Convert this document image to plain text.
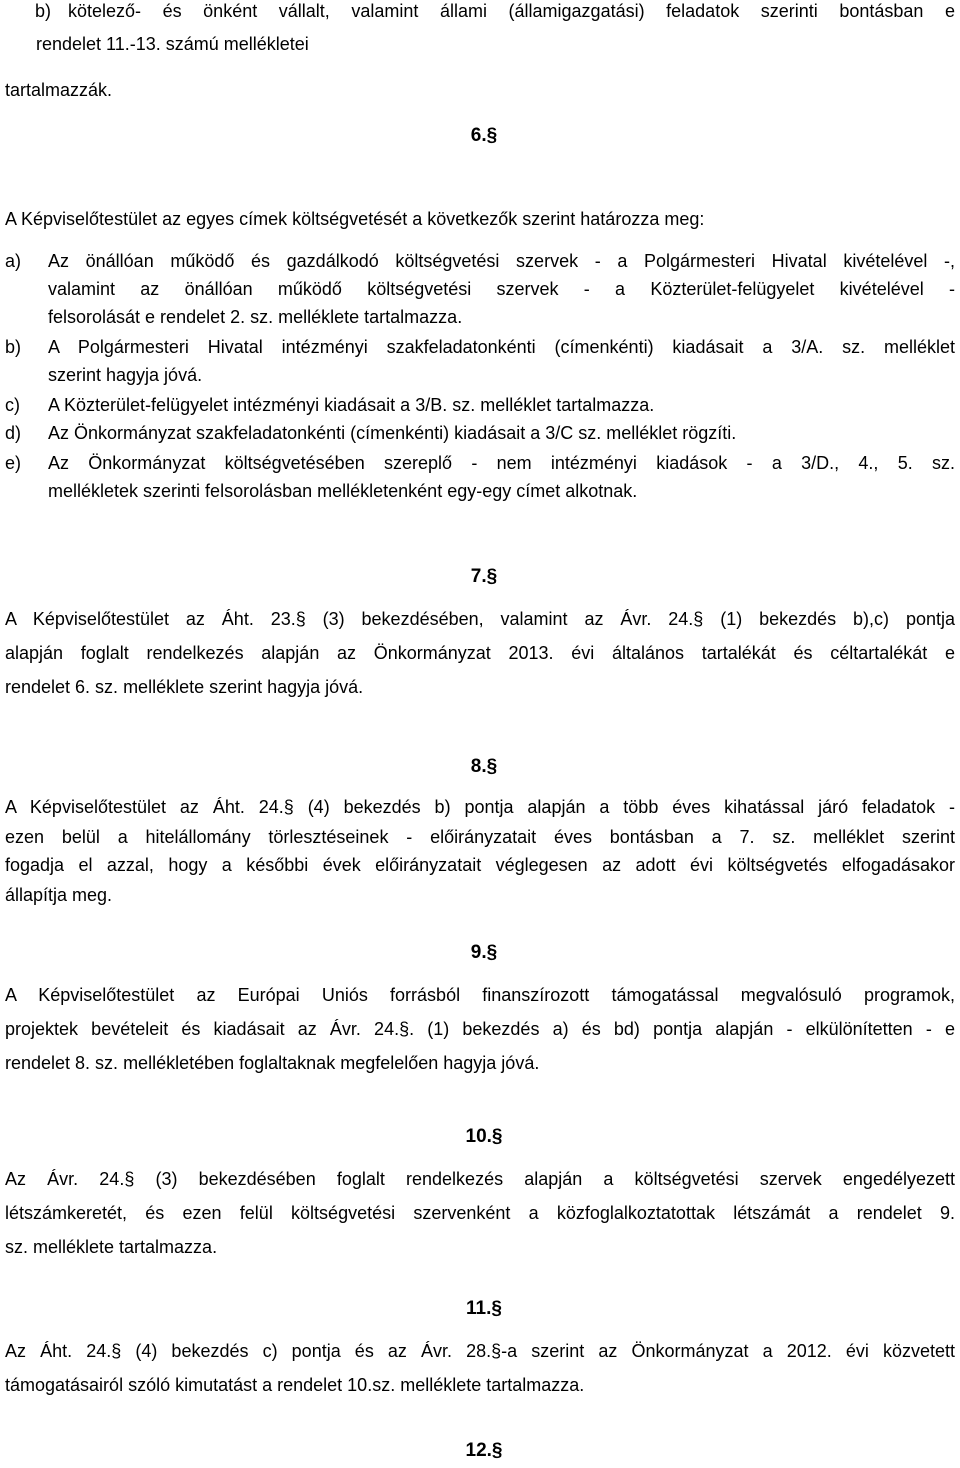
b) kötelező- és önként vállalt, valamint állami (államigazgatási) feladatok szerinti bontásban e

rendelet 11.-13. számú mellékletei

tartalmazzák.

6.§

A Képviselőtestület az egyes címek költségvetését a következők szerint határozza meg:

a) Az önállóan működő és gazdálkodó költségvetési szervek - a Polgármesteri Hivatal kivételével -,

valamint az önállóan működő költségvetési szervek - a Közterület-felügyelet kivételével -

felsorolását e rendelet 2. sz. melléklete tartalmazza.

b) A Polgármesteri Hivatal intézményi szakfeladatonkénti (címenkénti) kiadásait a 3/A. sz. melléklet

szerint hagyja jóvá.

c) A Közterület-felügyelet intézményi kiadásait a 3/B. sz. melléklet tartalmazza.

d) Az Önkormányzat szakfeladatonkénti (címenkénti) kiadásait a 3/C sz. melléklet rögzíti.

e) Az Önkormányzat költségvetésében szereplő - nem intézményi kiadások - a 3/D., 4., 5. sz.

mellékletek szerinti felsorolásban mellékletenként egy-egy címet alkotnak.

7.§

A Képviselőtestület az Áht. 23.§ (3) bekezdésében, valamint az Ávr. 24.§ (1) bekezdés b),c) pontja

alapján foglalt rendelkezés alapján az Önkormányzat 2013. évi általános tartalékát és céltartalékát e

rendelet 6. sz. melléklete szerint hagyja jóvá.

8.§

A Képviselőtestület az Áht. 24.§ (4) bekezdés b) pontja alapján a több éves kihatással járó feladatok -

ezen belül a hitelállomány törlesztéseinek - előirányzatait éves bontásban a 7. sz. melléklet szerint

fogadja el azzal, hogy a későbbi évek előirányzatait véglegesen az adott évi költségvetés elfogadásakor

állapítja meg.

9.§

A Képviselőtestület az Európai Uniós forrásból finanszírozott támogatással megvalósuló programok,

projektek bevételeit és kiadásait az Ávr. 24.§. (1) bekezdés a) és bd) pontja alapján - elkülönítetten - e

rendelet 8. sz. mellékletében foglaltaknak megfelelően hagyja jóvá.

10.§

Az Ávr. 24.§ (3) bekezdésében foglalt rendelkezés alapján a költségvetési szervek engedélyezett

létszámkeretét, és ezen felül költségvetési szervenként a közfoglalkoztatottak létszámát a rendelet 9.

sz. melléklete tartalmazza.

11.§

Az Áht. 24.§ (4) bekezdés c) pontja és az Ávr. 28.§-a szerint az Önkormányzat a 2012. évi közvetett

támogatásairól szóló kimutatást a rendelet 10.sz. melléklete tartalmazza.

12.§
